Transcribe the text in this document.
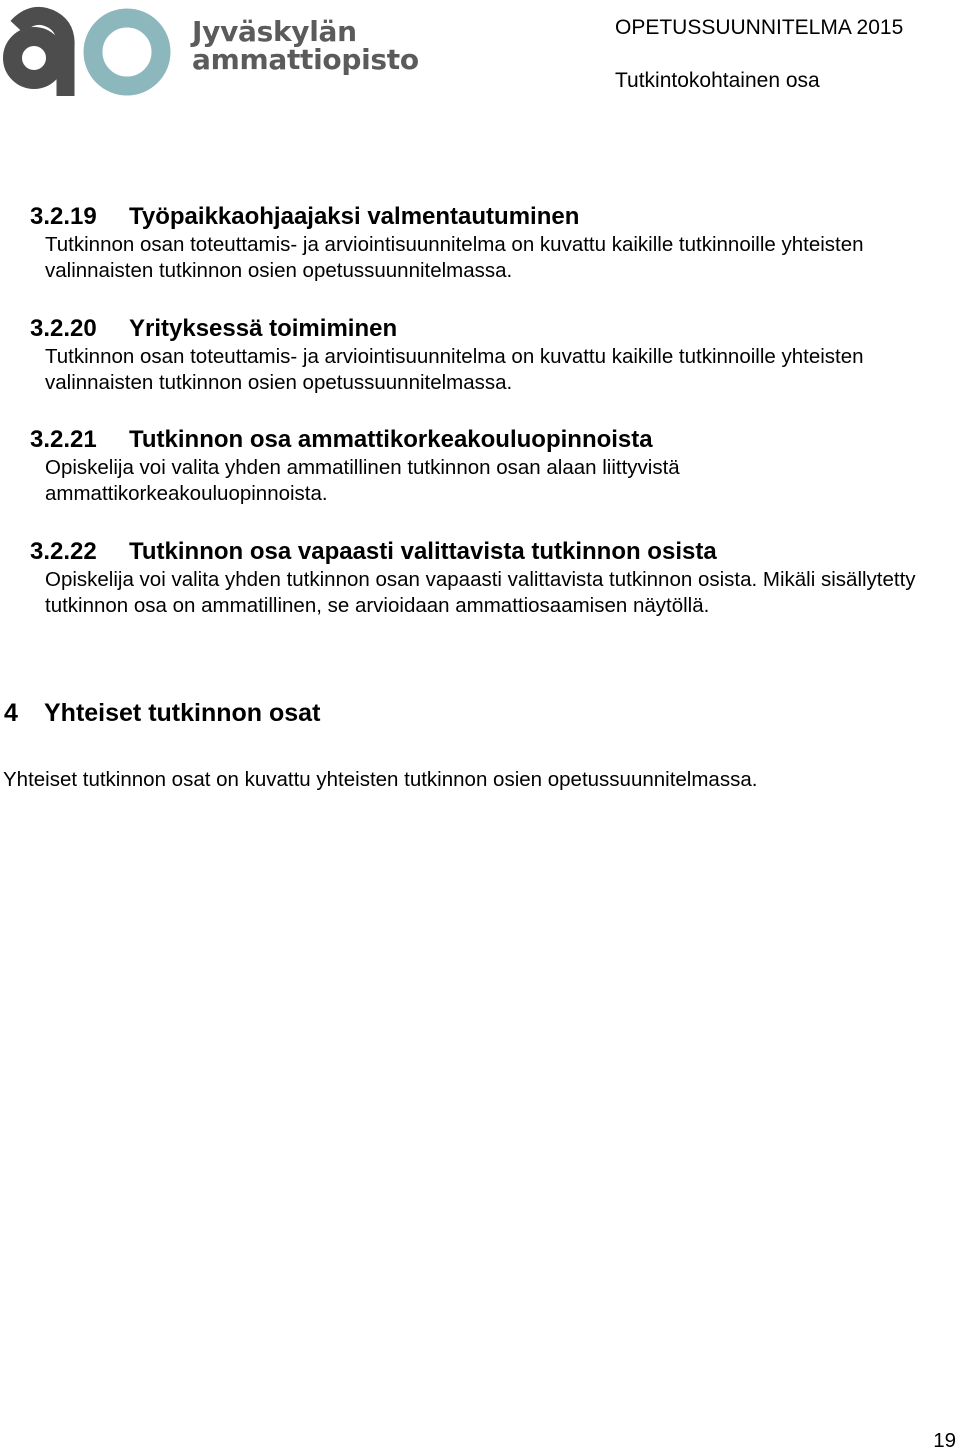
Jyväskylän
ammattiopisto
OPETUSSUUNNITELMA 2015
Tutkintokohtainen osa
3.2.19	Työpaikkaohjaajaksi valmentautuminen
Tutkinnon osan toteuttamis- ja arviointisuunnitelma on kuvattu kaikille tutkinnoille yhteisten valinnaisten tutkinnon osien opetussuunnitelmassa.
3.2.20	Yrityksessä toimiminen
Tutkinnon osan toteuttamis- ja arviointisuunnitelma on kuvattu kaikille tutkinnoille yhteisten valinnaisten tutkinnon osien opetussuunnitelmassa.
3.2.21	Tutkinnon osa ammattikorkeakouluopinnoista
Opiskelija voi valita yhden ammatillinen tutkinnon osan alaan liittyvistä ammattikorkeakouluopinnoista.
3.2.22	Tutkinnon osa vapaasti valittavista tutkinnon osista
Opiskelija voi valita yhden tutkinnon osan vapaasti valittavista tutkinnon osista. Mikäli sisällytetty tutkinnon osa on ammatillinen, se arvioidaan ammattiosaamisen näytöllä.
4	Yhteiset tutkinnon osat
Yhteiset tutkinnon osat on kuvattu yhteisten tutkinnon osien opetussuunnitelmassa.
19
